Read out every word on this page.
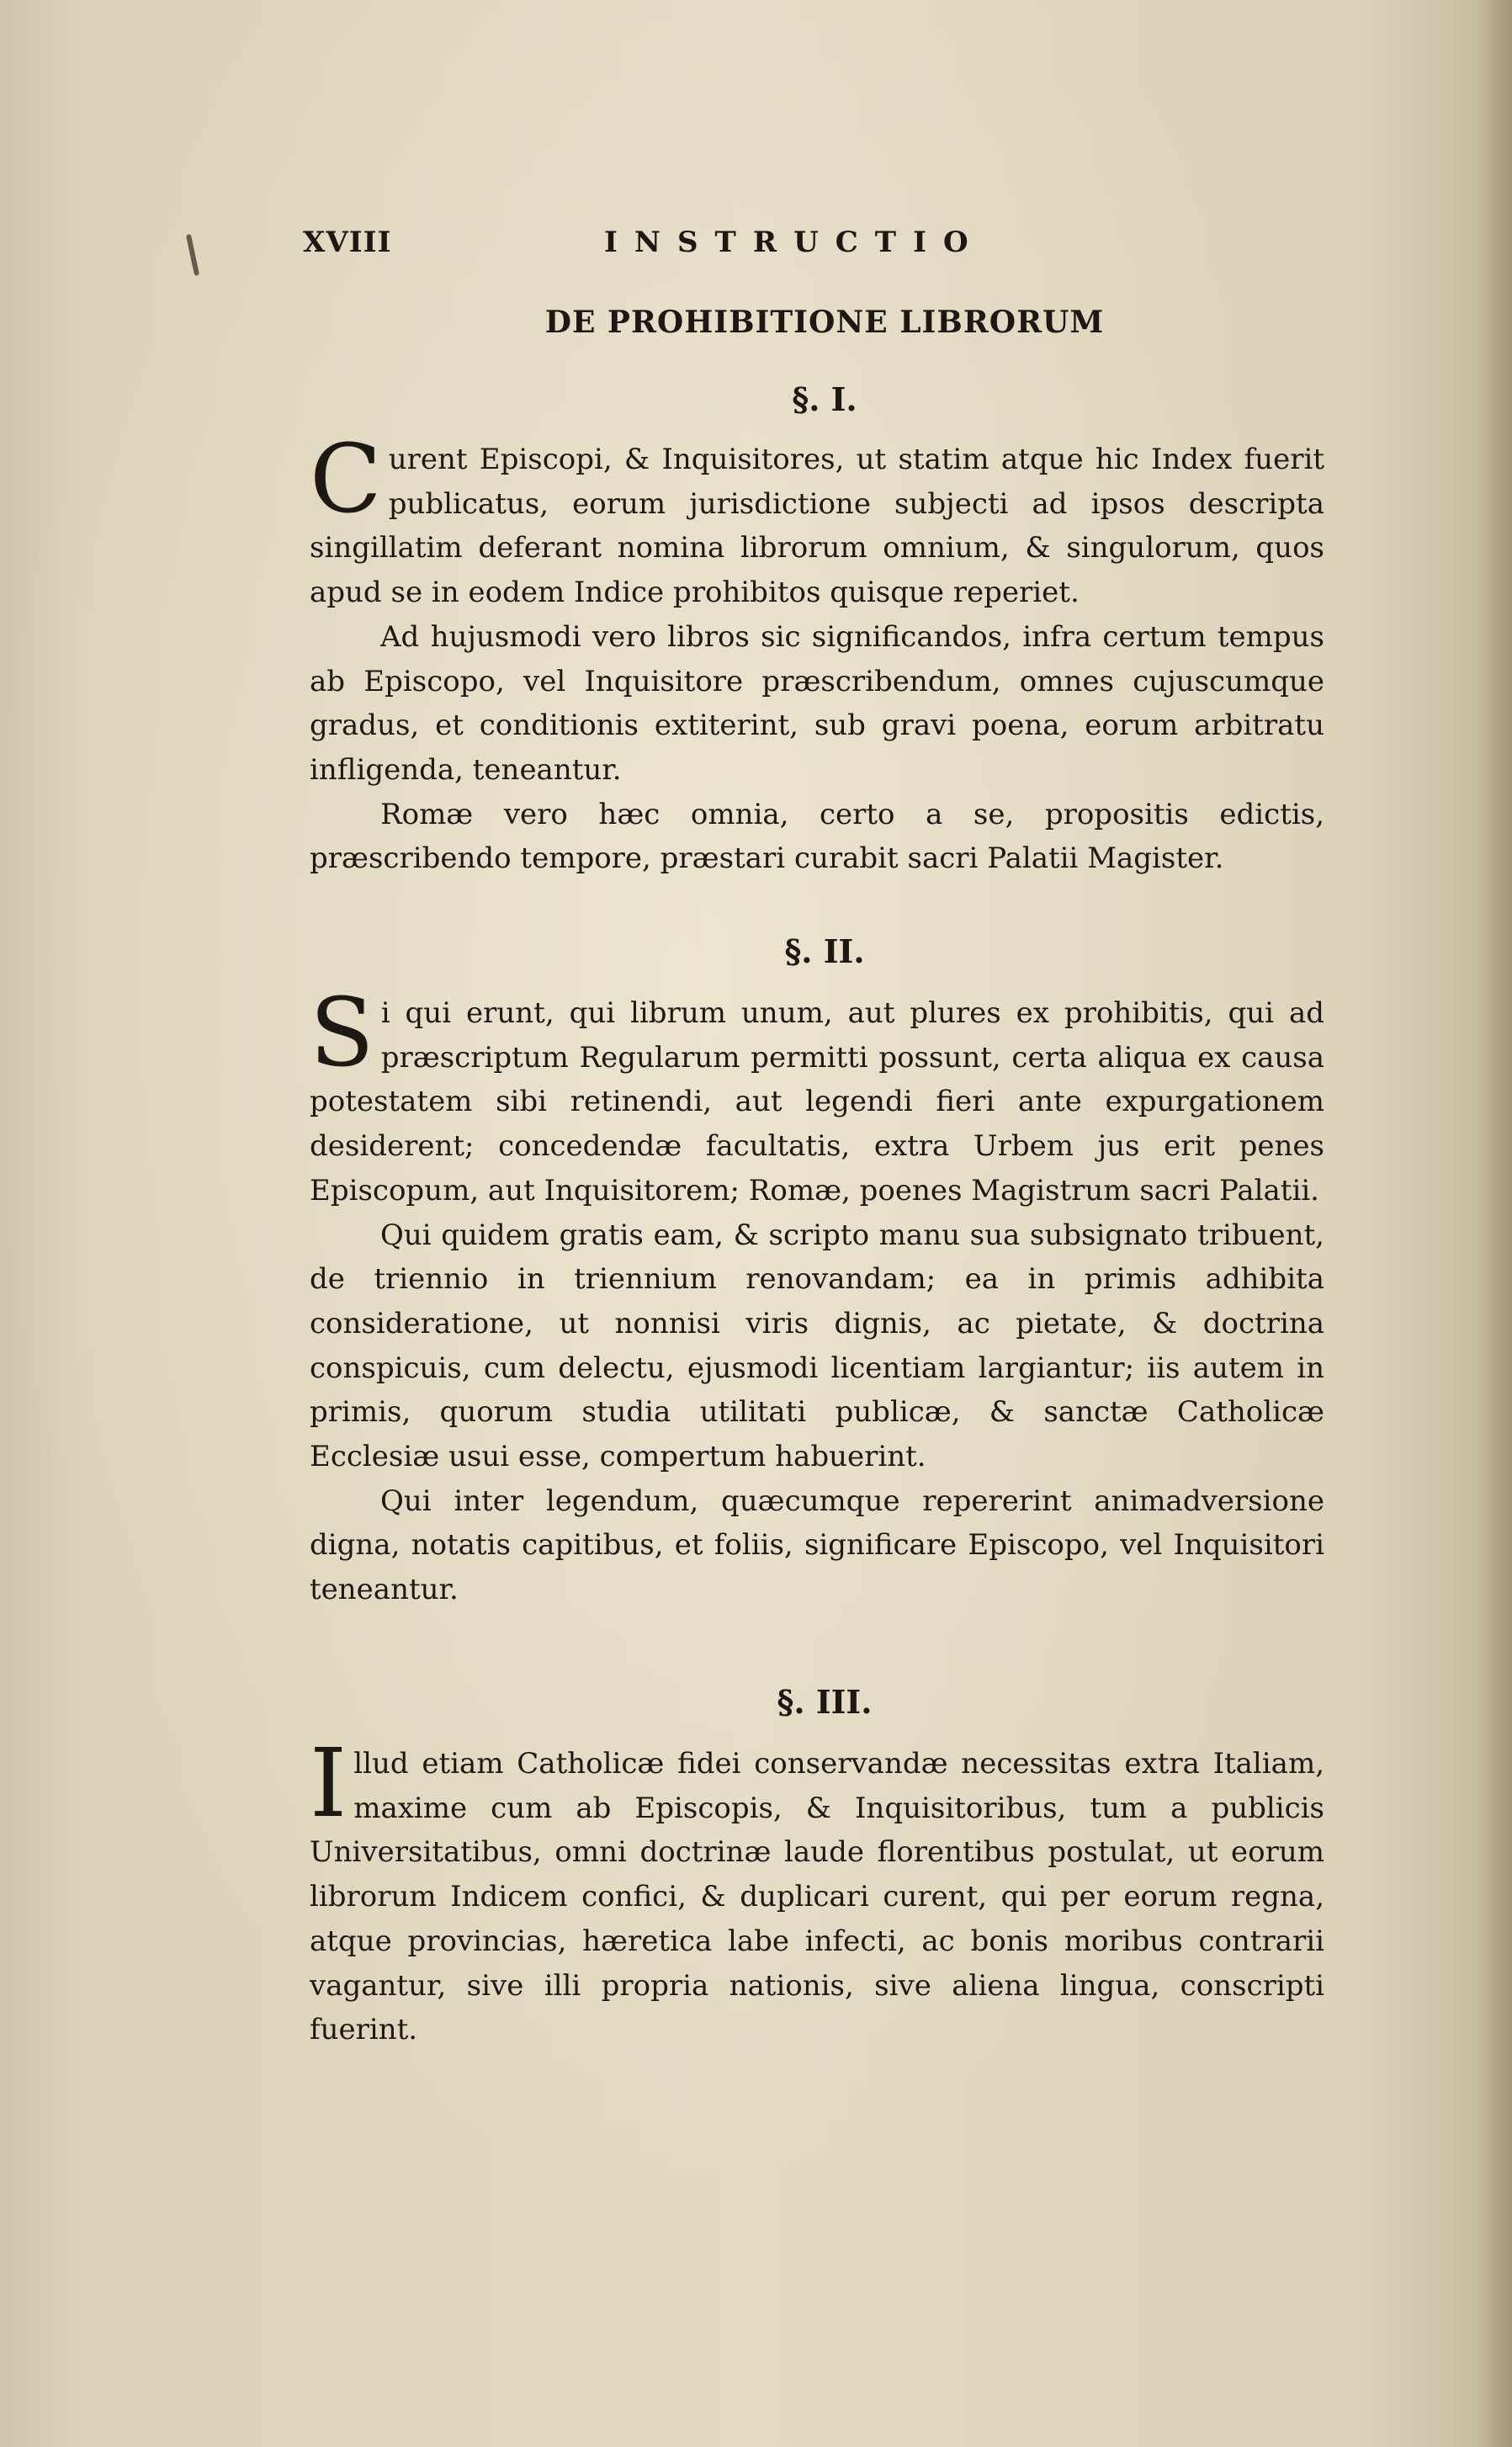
XVIII	INSTRUCTIO
DE PROHIBITIONE LIBRORUM
§. I.

Curent Episcopi, & Inquisitores, ut statim atque hic Index fuerit publicatus, eorum jurisdictione subjecti ad ipsos descripta singillatim deferant nomina librorum omnium, & singulorum, quos apud se in eodem Indice prohibitos quisque reperiet.

Ad hujusmodi vero libros sic significandos, infra certum tempus ab Episcopo, vel Inquisitore præscribendum, omnes cujuscumque gradus, et conditionis extiterint, sub gravi poena, eorum arbitratu infligenda, teneantur.

Romæ vero hæc omnia, certo a se, propositis edictis, præscribendo tempore, præstari curabit sacri Palatii Magister.

§. II.

Si qui erunt, qui librum unum, aut plures ex prohibitis, qui ad præscriptum Regularum permitti possunt, certa aliqua ex causa potestatem sibi retinendi, aut legendi fieri ante expurgationem desiderent; concedendæ facultatis, extra Urbem jus erit penes Episcopum, aut Inquisitorem; Romæ, poenes Magistrum sacri Palatii.

Qui quidem gratis eam, & scripto manu sua subsignato tribuent, de triennio in triennium renovandam; ea in primis adhibita consideratione, ut nonnisi viris dignis, ac pietate, & doctrina conspicuis, cum delectu, ejusmodi licentiam largiantur; iis autem in primis, quorum studia utilitati publicæ, & sanctæ Catholicæ Ecclesiæ usui esse, compertum habuerint.

Qui inter legendum, quæcumque repererint animadversione digna, notatis capitibus, et foliis, significare Episcopo, vel Inquisitori teneantur.

§. III.

Illud etiam Catholicæ fidei conservandæ necessitas extra Italiam, maxime cum ab Episcopis, & Inquisitoribus, tum a publicis Universitatibus, omni doctrinæ laude florentibus postulat, ut eorum librorum Indicem confici, & duplicari curent, qui per eorum regna, atque provincias, hæretica labe infecti, ac bonis moribus contrarii vagantur, sive illi propria nationis, sive aliena lingua, conscripti fuerint.
